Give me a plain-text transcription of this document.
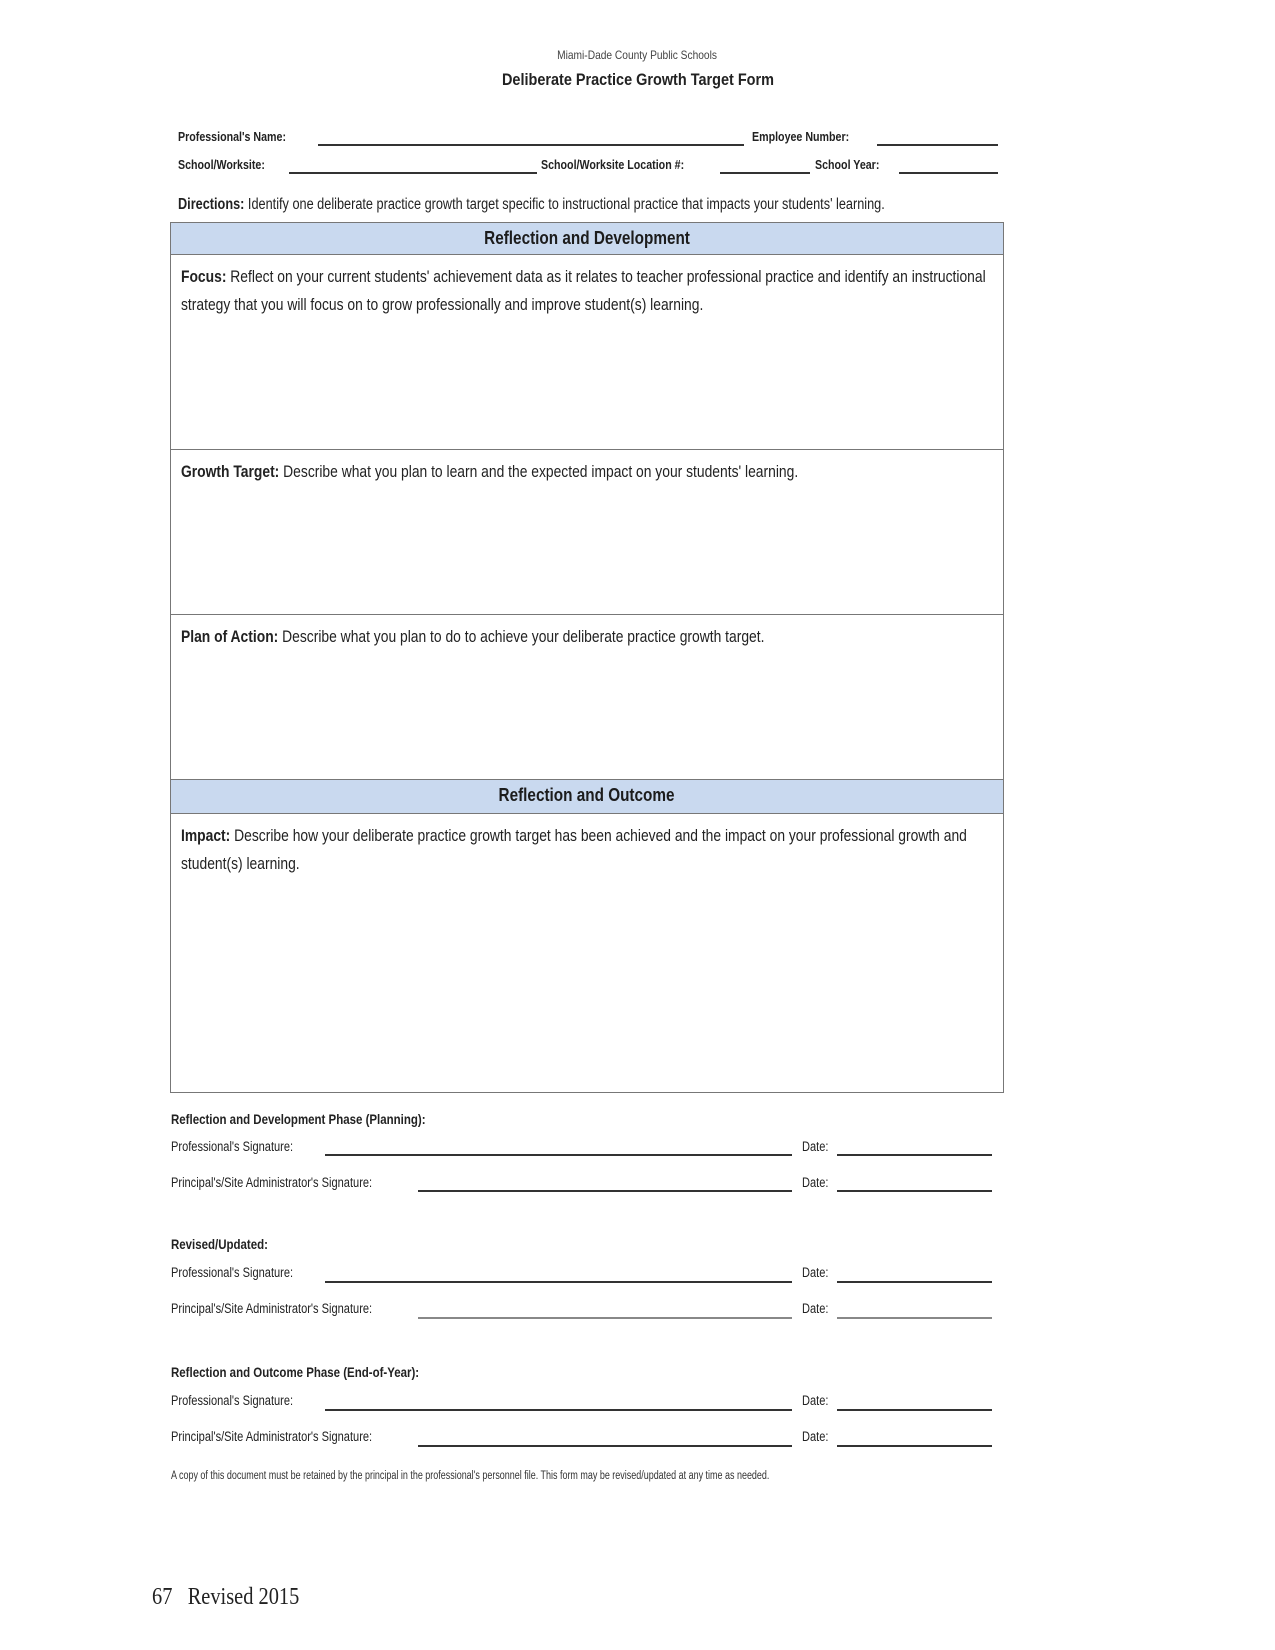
Miami-Dade County Public Schools
Deliberate Practice Growth Target Form
Professional's Name:	Employee Number:
School/Worksite:	School/Worksite Location #:	School Year:
Directions: Identify one deliberate practice growth target specific to instructional practice that impacts your students' learning.
Reflection and Development
Focus: Reflect on your current students' achievement data as it relates to teacher professional practice and identify an instructional strategy that you will focus on to grow professionally and improve student(s) learning.
Growth Target: Describe what you plan to learn and the expected impact on your students' learning.
Plan of Action: Describe what you plan to do to achieve your deliberate practice growth target.
Reflection and Outcome
Impact: Describe how your deliberate practice growth target has been achieved and the impact on your professional growth and student(s) learning.
Reflection and Development Phase (Planning):
Professional's Signature:	Date:
Principal's/Site Administrator's Signature:	Date:
Revised/Updated:
Professional's Signature:	Date:
Principal's/Site Administrator's Signature:	Date:
Reflection and Outcome Phase (End-of-Year):
Professional's Signature:	Date:
Principal's/Site Administrator's Signature:	Date:
A copy of this document must be retained by the principal in the professional's personnel file. This form may be revised/updated at any time as needed.
67   Revised 2015
